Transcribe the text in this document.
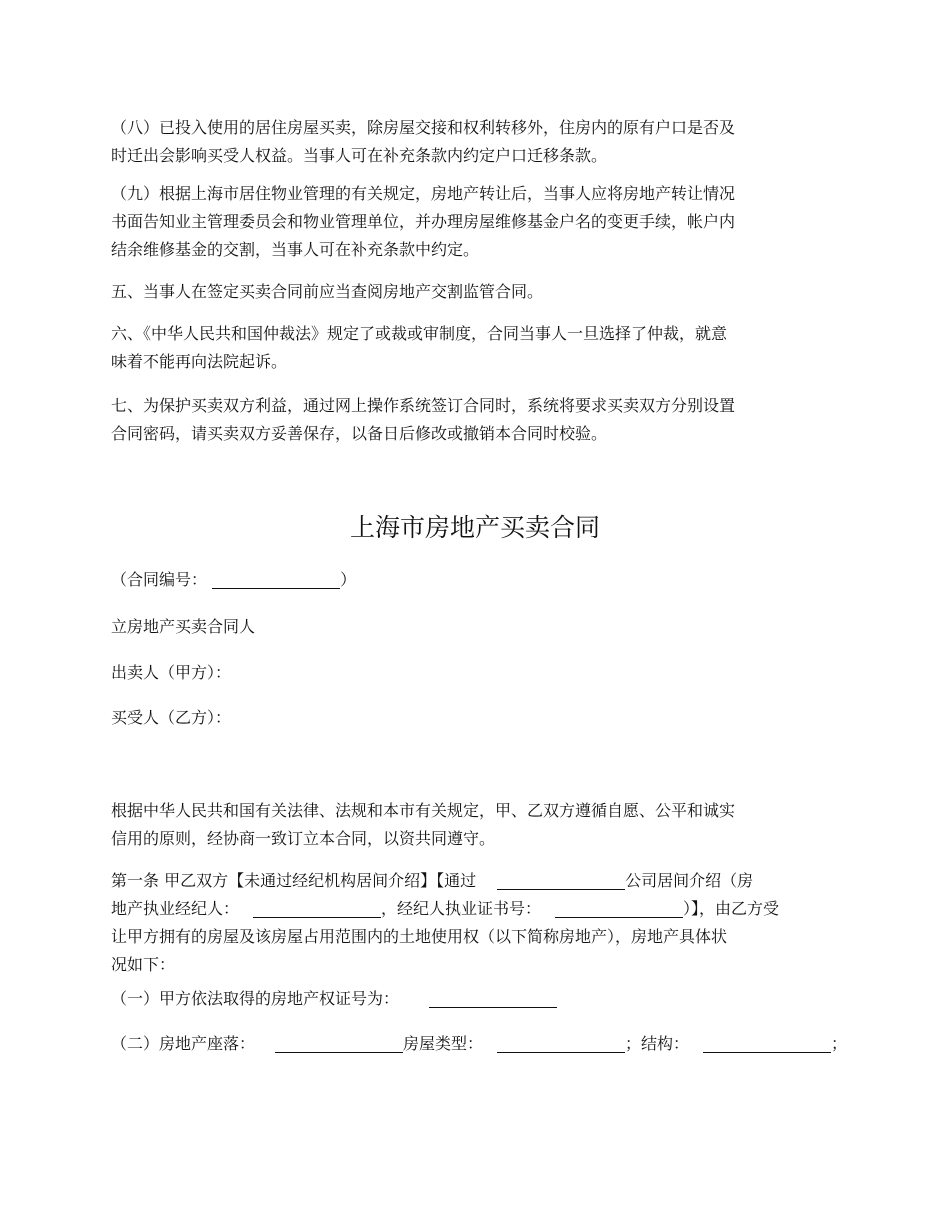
（八）已投入使用的居住房屋买卖，除房屋交接和权利转移外，住房内的原有户口是否及
时迁出会影响买受人权益。当事人可在补充条款内约定户口迁移条款。
（九）根据上海市居住物业管理的有关规定，房地产转让后，当事人应将房地产转让情况
书面告知业主管理委员会和物业管理单位，并办理房屋维修基金户名的变更手续，帐户内
结余维修基金的交割，当事人可在补充条款中约定。
五、当事人在签定买卖合同前应当查阅房地产交割监管合同。
六、《中华人民共和国仲裁法》规定了或裁或审制度，合同当事人一旦选择了仲裁，就意
味着不能再向法院起诉。
七、为保护买卖双方利益，通过网上操作系统签订合同时，系统将要求买卖双方分别设置
合同密码，请买卖双方妥善保存，以备日后修改或撤销本合同时校验。
上海市房地产买卖合同
（合同编号：	）
立房地产买卖合同人
出卖人（甲方）：
买受人（乙方）：
根据中华人民共和国有关法律、法规和本市有关规定，甲、乙双方遵循自愿、公平和诚实
信用的原则，经协商一致订立本合同，以资共同遵守。
第一条 甲乙双方【未通过经纪机构居间介绍】【通过	公司居间介绍（房
地产执业经纪人：	，经纪人执业证书号：	）】，由乙方受
让甲方拥有的房屋及该房屋占用范围内的土地使用权（以下简称房地产），房地产具体状
况如下：
（一）甲方依法取得的房地产权证号为：
（二）房地产座落：	房屋类型：	；结构：	；
